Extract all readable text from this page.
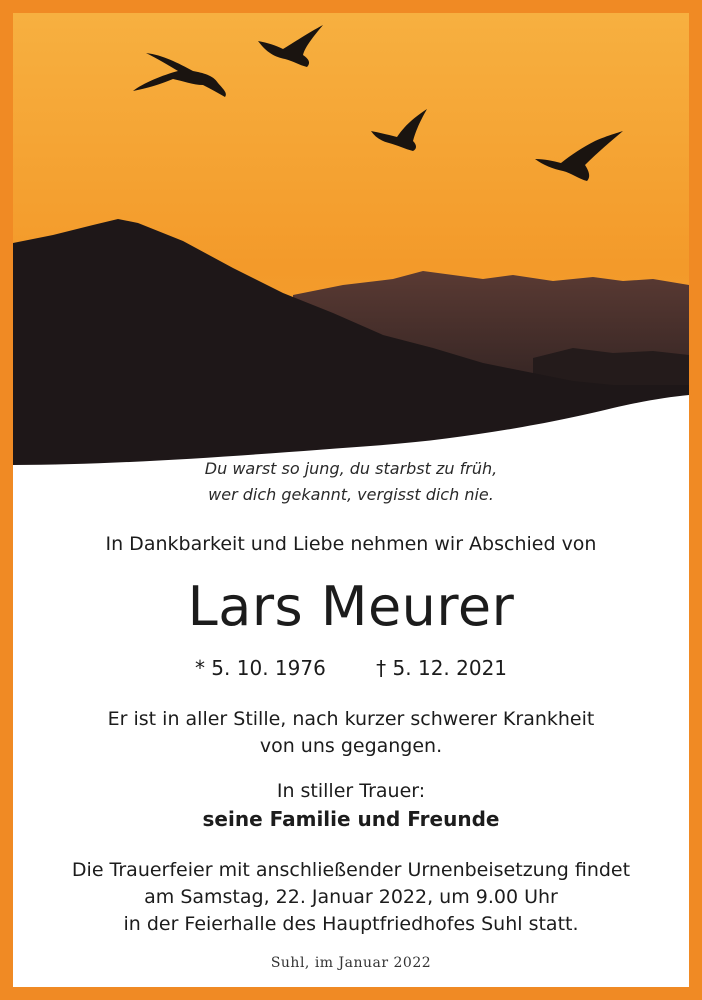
Du warst so jung, du starbst zu früh,
wer dich gekannt, vergisst dich nie.
In Dankbarkeit und Liebe nehmen wir Abschied von
Lars Meurer
* 5. 10. 1976	† 5. 12. 2021
Er ist in aller Stille, nach kurzer schwerer Krankheit
von uns gegangen.
In stiller Trauer:
seine Familie und Freunde
Die Trauerfeier mit anschließender Urnenbeisetzung findet
am Samstag, 22. Januar 2022, um 9.00 Uhr
in der Feierhalle des Hauptfriedhofes Suhl statt.
Suhl, im Januar 2022
